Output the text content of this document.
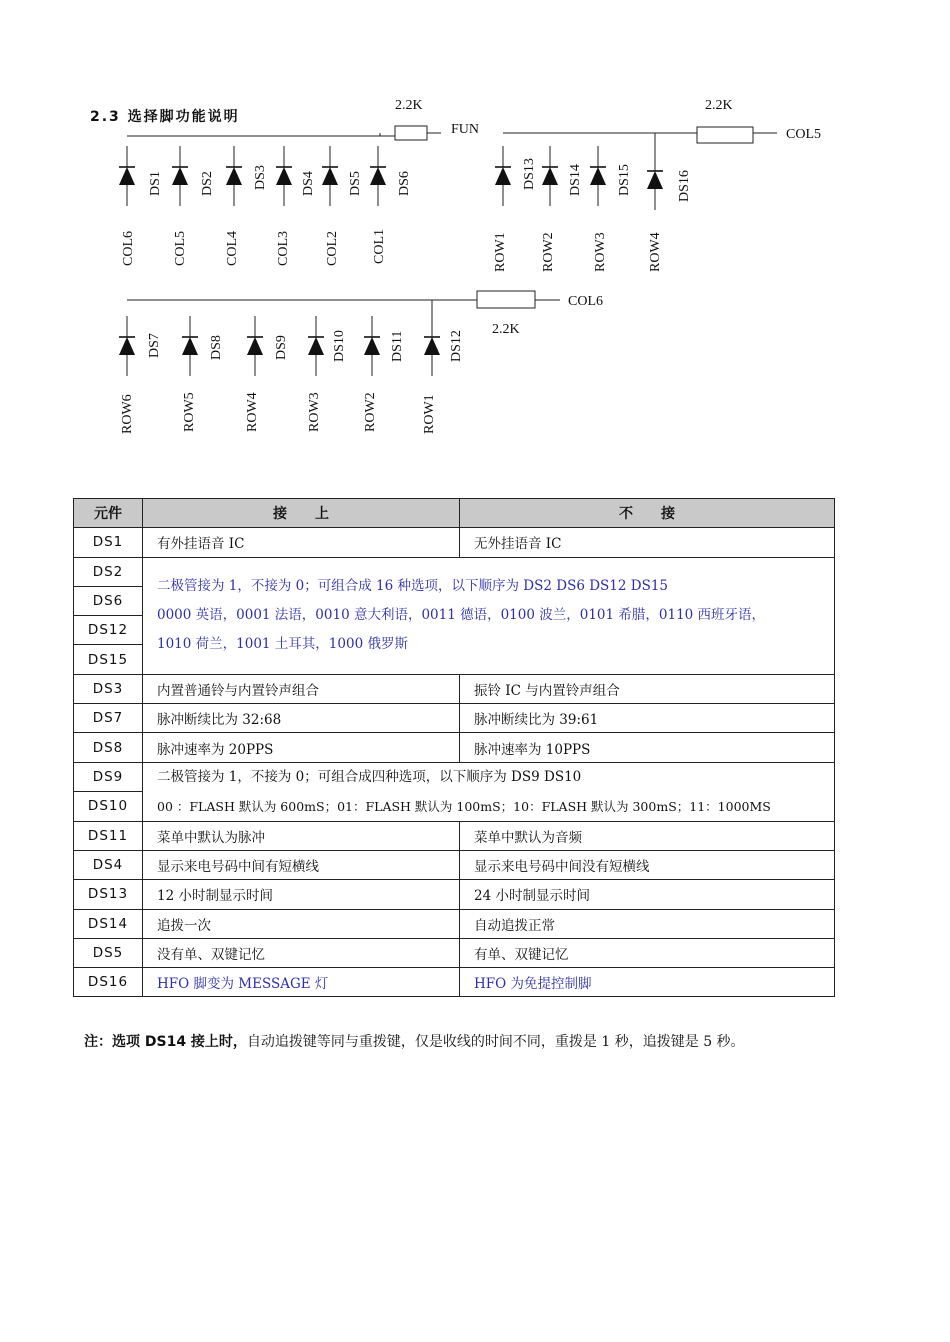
2.3 选择脚功能说明
2.2K
FUN
DS1	DS2	DS3 DS4 DS5 DS6
COL6	COL5	COL4	COL3 COL2 COL1
2.2K
COL5
DS13 DS14 DS15	DS16
ROW1 ROW2	ROW3	ROW4
2.2K
COL6
DS7	DS8	DS9	DS10	DS11	DS12
ROW6	ROW5	ROW4	ROW3	ROW2	ROW1
元件	接　　上	不　　接
DS1	有外挂语音 IC	无外挂语音 IC
DS2	二极管接为 1，不接为 0；可组合成 16 种选项，以下顺序为 DS2 DS6 DS12 DS15
0000 英语，0001 法语，0010 意大利语，0011 德语，0100 波兰，0101 希腊，0110 西班牙语，
1010 荷兰，1001 土耳其，1000 俄罗斯	

DS6		
DS12		
DS15		
DS3	内置普通铃与内置铃声组合	振铃 IC 与内置铃声组合
DS7	脉冲断续比为 32:68	脉冲断续比为 39:61
DS8	脉冲速率为 20PPS	脉冲速率为 10PPS
DS9	二极管接为 1，不接为 0；可组合成四种选项，以下顺序为 DS9 DS10
00 ：FLASH 默认为 600mS；01：FLASH 默认为 100mS；10：FLASH 默认为 300mS；11：1000MS	

DS10		
DS11	菜单中默认为脉冲	菜单中默认为音频
DS4	显示来电号码中间有短横线	显示来电号码中间没有短横线
DS13	12 小时制显示时间	24 小时制显示时间
DS14	追拨一次	自动追拨正常
DS5	没有单、双键记忆	有单、双键记忆
DS16	HFO 脚变为 MESSAGE 灯	HFO 为免提控制脚
注：选项 DS14 接上时，自动追拨键等同与重拨键，仅是收线的时间不同，重拨是 1 秒，追拨键是 5 秒。
